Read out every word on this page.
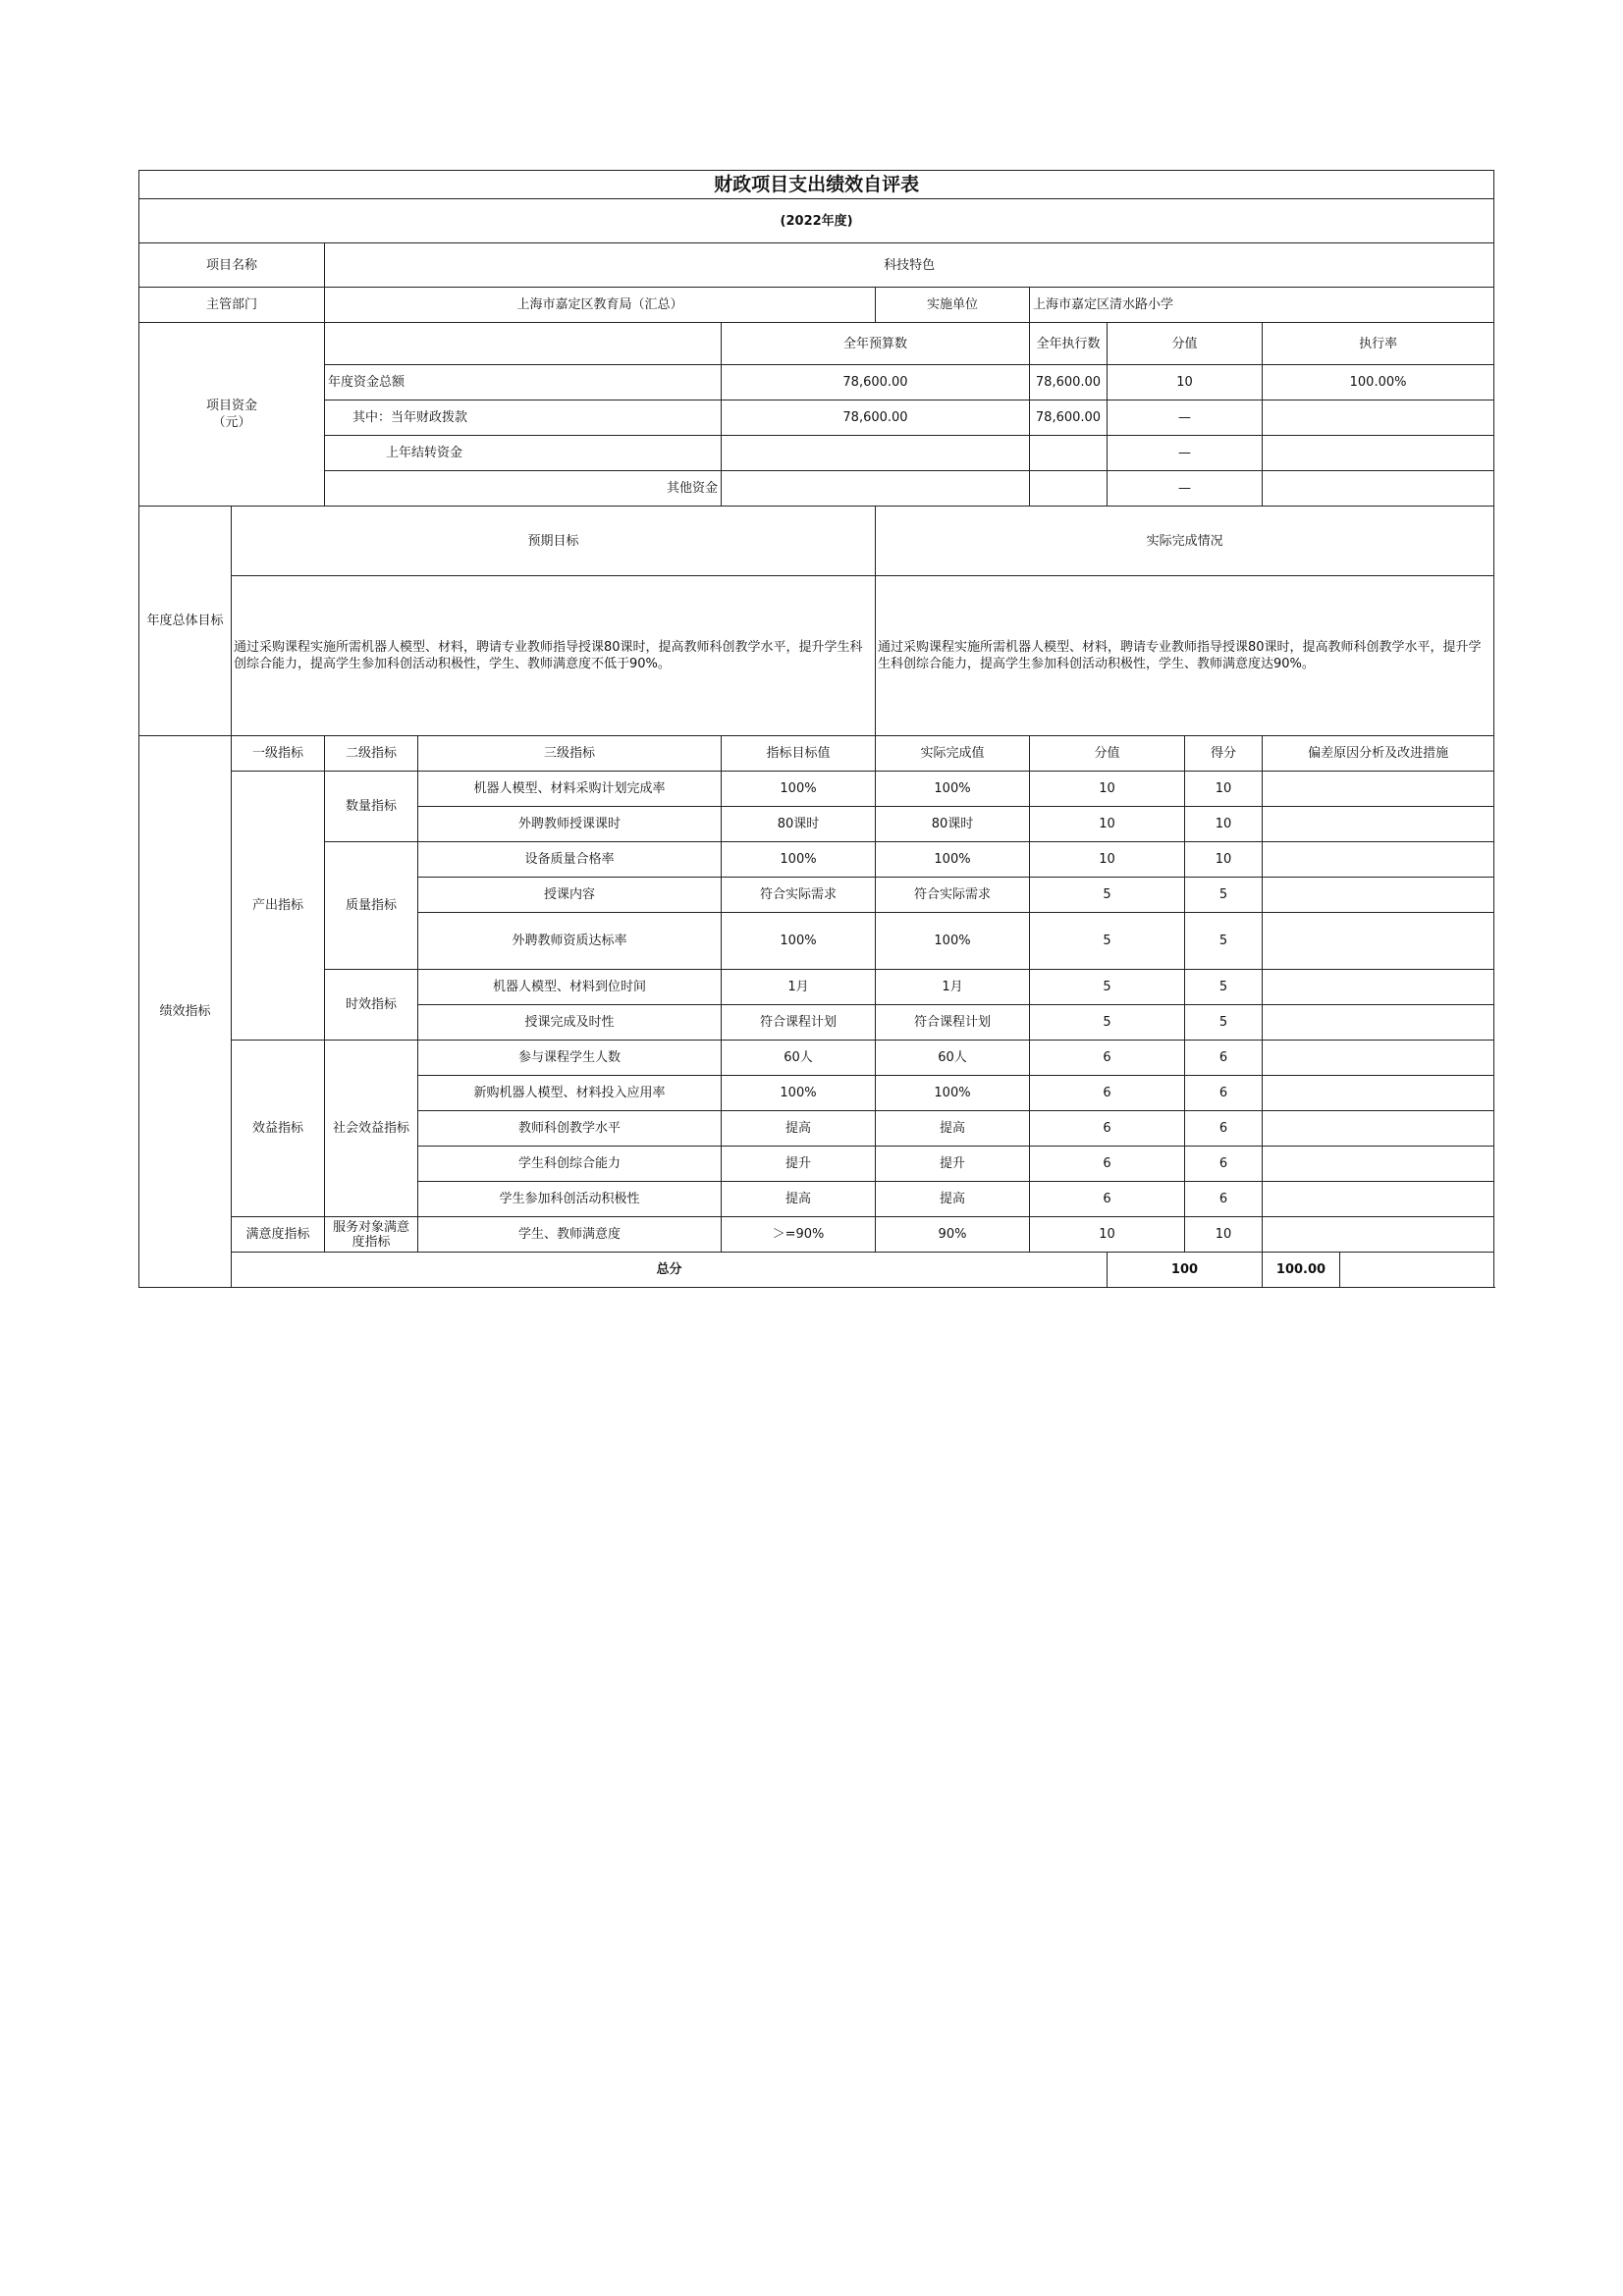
财政项目支出绩效自评表											
(2022年度)											
项目名称		科技特色									
主管部门		上海市嘉定区教育局（汇总）			实施单位	上海市嘉定区清水路小学					
项目资金
（元）				全年预算数		全年执行数	分值		执行率	
		年度资金总额		78,600.00		78,600.00	10		100.00%	
		其中：当年财政拨款		78,600.00		78,600.00	—				
		上年结转资金					—				
		其他资金					—				
年度总体目标	预期目标				实际完成情况						
	通过采购课程实施所需机器人模型、材料，聘请专业教师指导授课80课时，提高教师科创教学水平，提升学生科创综合能力，提高学生参加科创活动积极性，学生、教师满意度不低于90%。				通过采购课程实施所需机器人模型、材料，聘请专业教师指导授课80课时，提高教师科创教学水平，提升学生科创综合能力，提高学生参加科创活动积极性，学生、教师满意度达90%。						
绩效指标	一级指标	二级指标	三级指标	指标目标值	实际完成值	分值		得分	偏差原因分析及改进措施		
	产出指标	数量指标	机器人模型、材料采购计划完成率	100%	100%	10		10			
			外聘教师授课课时	80课时	80课时	10		10			
		质量指标	设备质量合格率	100%	100%	10		10			
			授课内容	符合实际需求	符合实际需求	5		5			
			外聘教师资质达标率	100%	100%	5		5			
		时效指标	机器人模型、材料到位时间	1月	1月	5		5			
			授课完成及时性	符合课程计划	符合课程计划	5		5			
	效益指标	社会效益指标	参与课程学生人数	60人	60人	6		6			
			新购机器人模型、材料投入应用率	100%	100%	6		6			
			教师科创教学水平	提高	提高	6		6			
			学生科创综合能力	提升	提升	6		6			
			学生参加科创活动积极性	提高	提高	6		6			
	满意度指标	服务对象满意度指标	学生、教师满意度	＞=90%	90%	10		10			
	总分						100		100.00		
